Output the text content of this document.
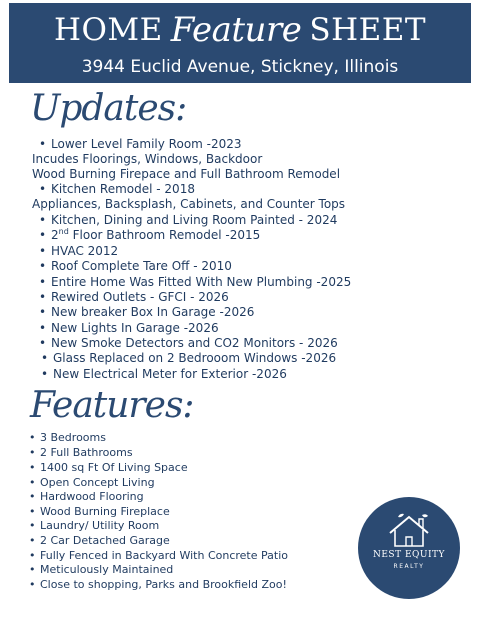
HOME Feature SHEET
3944 Euclid Avenue, Stickney, Illinois
Updates:
• Lower Level Family Room -2023
Incudes Floorings, Windows, Backdoor
Wood Burning Firepace and Full Bathroom Remodel
• Kitchen Remodel - 2018
Appliances, Backsplash, Cabinets, and Counter Tops
• Kitchen, Dining and Living Room Painted - 2024
• 2nd Floor Bathroom Remodel -2015
• HVAC 2012
• Roof Complete Tare Off - 2010
• Entire Home Was Fitted With New Plumbing -2025
• Rewired Outlets - GFCI - 2026
• New breaker Box In Garage -2026
• New Lights In Garage -2026
• New Smoke Detectors and CO2 Monitors - 2026
• Glass Replaced on 2 Bedrooom Windows -2026
• New Electrical Meter for Exterior -2026
Features:
• 3 Bedrooms
• 2 Full Bathrooms
• 1400 sq Ft Of Living Space
• Open Concept Living
• Hardwood Flooring
• Wood Burning Fireplace
• Laundry/ Utility Room
• 2 Car Detached Garage
• Fully Fenced in Backyard With Concrete Patio
• Meticulously Maintained
• Close to shopping, Parks and Brookfield Zoo!
NEST EQUITY
REALTY
